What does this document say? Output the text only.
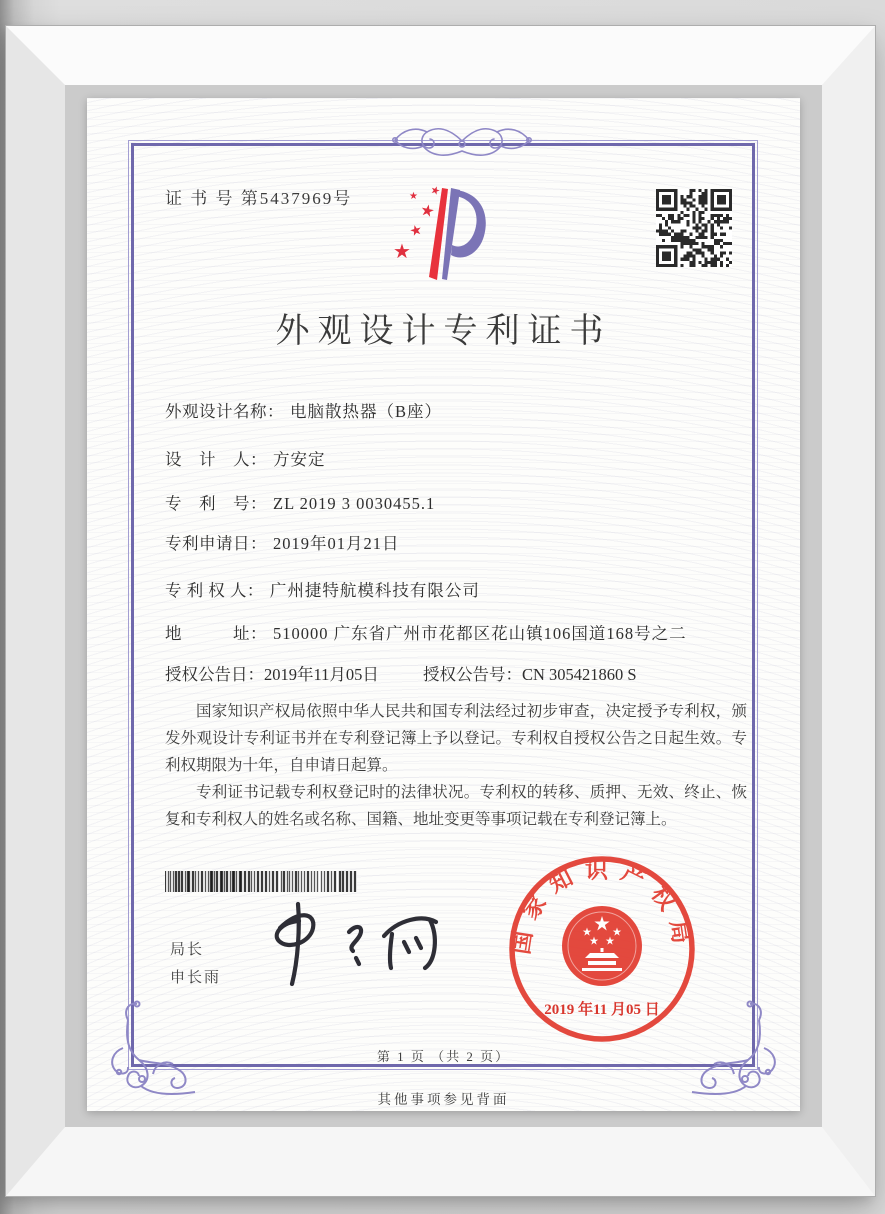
证 书 号 第5437969号
★
★
★
★ ★
外观设计专利证书
外观设计名称： 电脑散热器（B座）
设　计　人： 方安定
专　利　号： ZL 2019 3 0030455.1
专利申请日： 2019年01月21日
专 利 权 人： 广州捷特航模科技有限公司
地　　　址： 510000 广东省广州市花都区花山镇106国道168号之二
授权公告日：2019年11月05日	授权公告号：CN 305421860 S

国家知识产权局依照中华人民共和国专利法经过初步审查，决定授予专利权，颁发外观设计专利证书并在专利登记簿上予以登记。专利权自授权公告之日起生效。专利权期限为十年，自申请日起算。

专利证书记载专利权登记时的法律状况。专利权的转移、质押、无效、终止、恢复和专利权人的姓名或名称、国籍、地址变更等事项记载在专利登记簿上。

局长
申长雨
国家知识产权局
2019 年11 月05 日
第 1 页 （共 2 页）
其他事项参见背面
